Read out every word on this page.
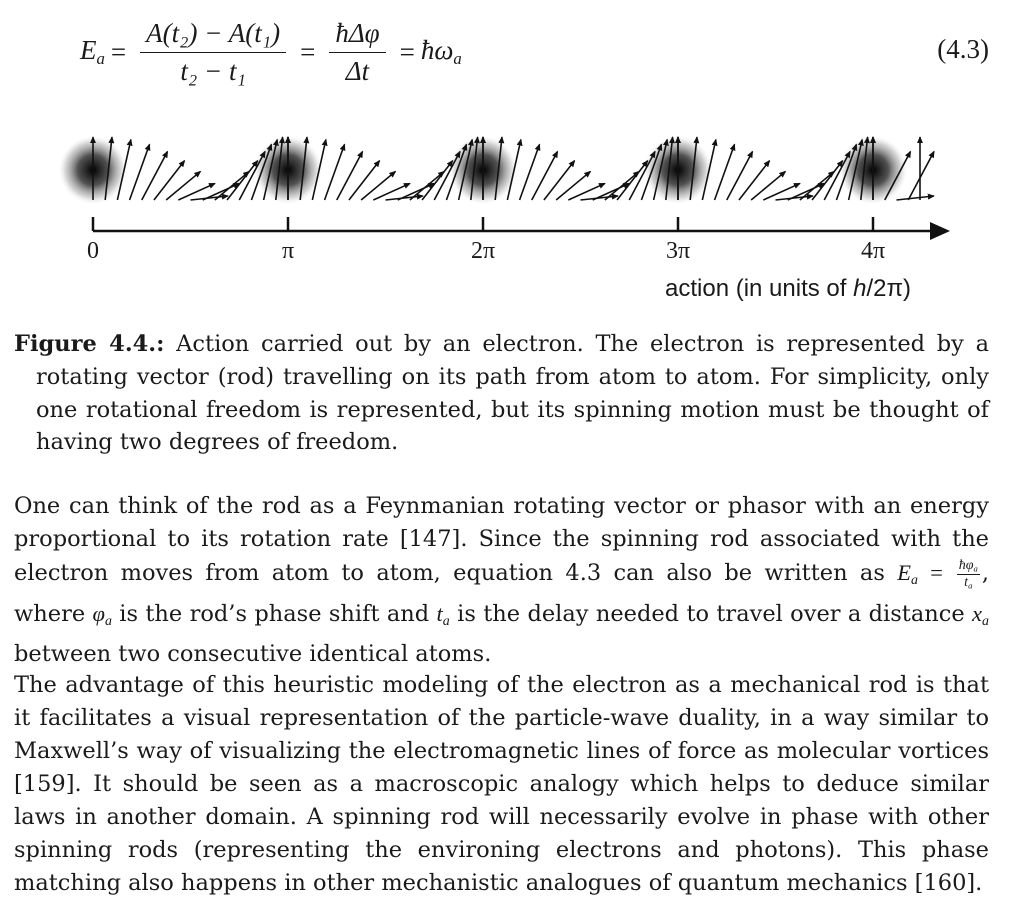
$E_a = \frac{\text{A(t₂) − A(t₁)}}{\text{t₂ − t₁}} = \frac{\text{ħΔφ}}{\Delta t}$ = $ħ\omega_a$	(4.3)
0	π	2π	3π	4π
action (in units of h/2π)
Figure 4.4.: Action carried out by an electron. The electron is represented by a rotating vector (rod) travelling on its path from atom to atom. For simplicity, only one rotational freedom is represented, but its spinning motion must be thought of having two degrees of freedom.
One can think of the rod as a Feynmanian rotating vector or phasor with an energy proportional to its rotation rate [147]. Since the spinning rod associated with the electron moves from atom to atom, equation 4.3 can also be written as $E_a = \frac{ħ\varphi_a}{t_a}$ , where $\varphi_a$ is the rod’s phase shift and $t_a$ is the delay needed to travel over a distance $x_a$ between two consecutive identical atoms.
The advantage of this heuristic modeling of the electron as a mechanical rod is that it facilitates a visual representation of the particle-wave duality, in a way similar to Maxwell’s way of visualizing the electromagnetic lines of force as molecular vortices [159]. It should be seen as a macroscopic analogy which helps to deduce similar laws in another domain. A spinning rod will necessarily evolve in phase with other spinning rods (representing the environing electrons and photons). This phase matching also happens in other mechanistic analogues of quantum mechanics [160].
